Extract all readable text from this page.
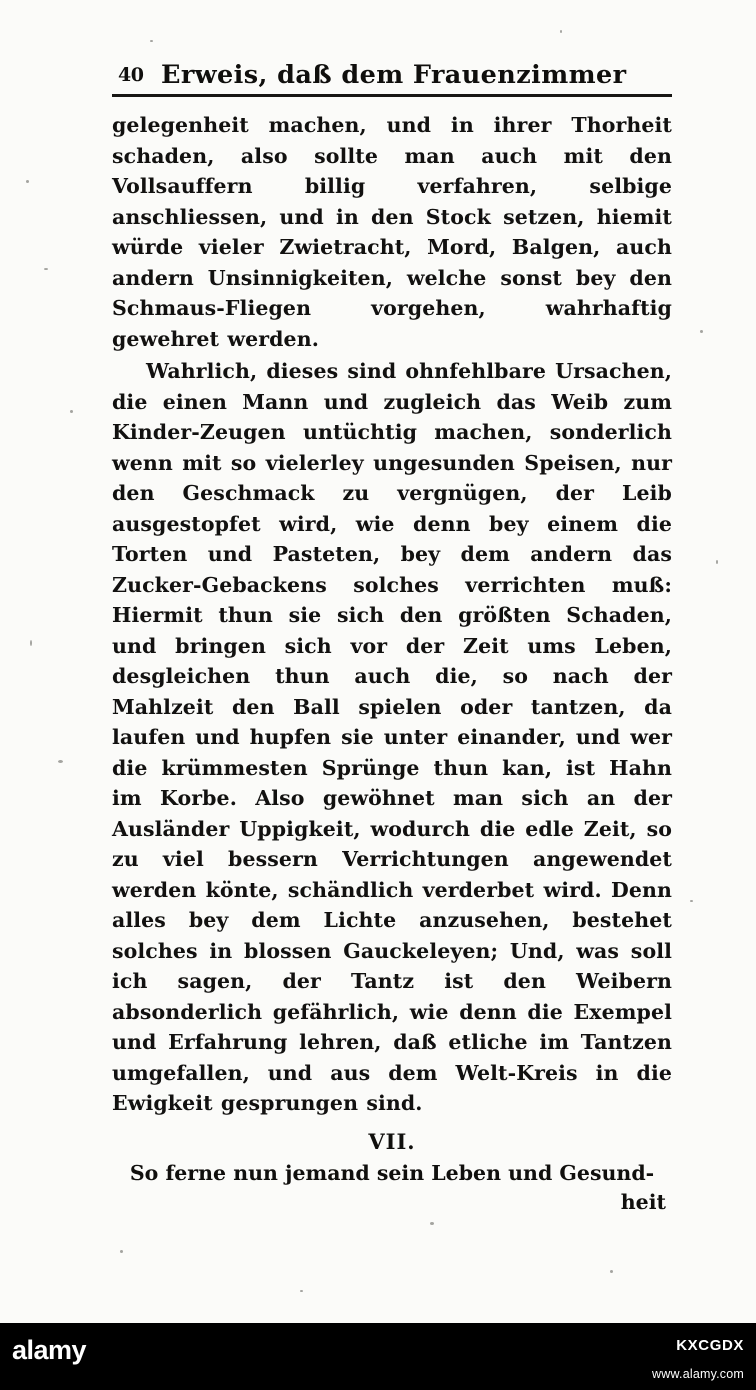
40 Erweis, daß dem Frauenzimmer

gelegenheit machen, und in ihrer Thorheit schaden, also sollte man auch mit den Vollsauffern billig verfahren, selbige anschliessen, und in den Stock setzen, hiemit würde vieler Zwietracht, Mord, Balgen, auch andern Unsinnigkeiten, welche sonst bey den Schmaus-Fliegen vorgehen, wahrhaftig gewehret werden.

Wahrlich, dieses sind ohnfehlbare Ursachen, die einen Mann und zugleich das Weib zum Kinder-Zeugen untüchtig machen, sonderlich wenn mit so vielerley ungesunden Speisen, nur den Geschmack zu vergnügen, der Leib ausgestopfet wird, wie denn bey einem die Torten und Pasteten, bey dem andern das Zucker-Gebackens solches verrichten muß: Hiermit thun sie sich den größten Schaden, und bringen sich vor der Zeit ums Leben, desgleichen thun auch die, so nach der Mahlzeit den Ball spielen oder tantzen, da laufen und hupfen sie unter einander, und wer die krümmesten Sprünge thun kan, ist Hahn im Korbe. Also gewöhnet man sich an der Ausländer Uppigkeit, wodurch die edle Zeit, so zu viel bessern Verrichtungen angewendet werden könte, schändlich verderbet wird. Denn alles bey dem Lichte anzusehen, bestehet solches in blossen Gauckeleyen; Und, was soll ich sagen, der Tantz ist den Weibern absonderlich gefährlich, wie denn die Exempel und Erfahrung lehren, daß etliche im Tantzen umgefallen, und aus dem Welt-Kreis in die Ewigkeit gesprungen sind.

VII.
So ferne nun jemand sein Leben und Gesund-
heit
alamy	KXCGDX
www.alamy.com
